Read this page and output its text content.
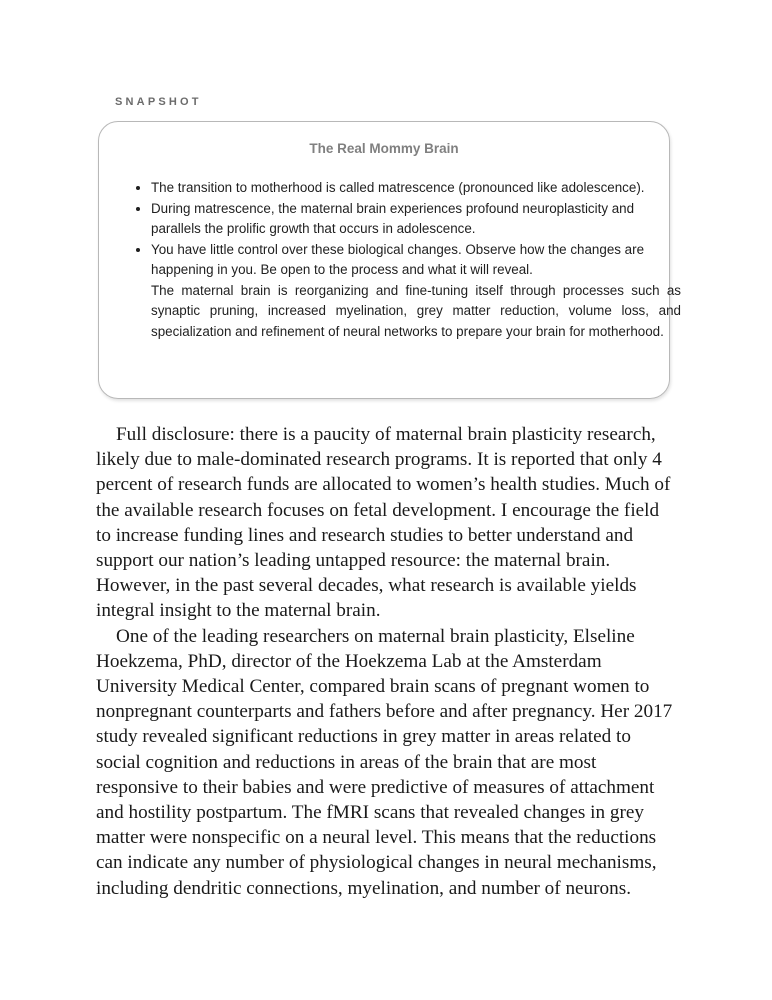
SNAPSHOT
The Real Mommy Brain
• The transition to motherhood is called matrescence (pronounced like adolescence).
• During matrescence, the maternal brain experiences profound neuroplasticity and parallels the prolific growth that occurs in adolescence.
• You have little control over these biological changes. Observe how the changes are happening in you. Be open to the process and what it will reveal.
The maternal brain is reorganizing and fine-tuning itself through processes such as synaptic pruning, increased myelination, grey matter reduction, volume loss, and specialization and refinement of neural networks to prepare your brain for motherhood.

Full disclosure: there is a paucity of maternal brain plasticity research, likely due to male-dominated research programs. It is reported that only 4 percent of research funds are allocated to women’s health studies. Much of the available research focuses on fetal development. I encourage the field to increase funding lines and research studies to better understand and support our nation’s leading untapped resource: the maternal brain. However, in the past several decades, what research is available yields integral insight to the maternal brain.

One of the leading researchers on maternal brain plasticity, Elseline Hoekzema, PhD, director of the Hoekzema Lab at the Amsterdam University Medical Center, compared brain scans of pregnant women to nonpregnant counterparts and fathers before and after pregnancy. Her 2017 study revealed significant reductions in grey matter in areas related to social cognition and reductions in areas of the brain that are most responsive to their babies and were predictive of measures of attachment and hostility postpartum. The fMRI scans that revealed changes in grey matter were nonspecific on a neural level. This means that the reductions can indicate any number of physiological changes in neural mechanisms, including dendritic connections, myelination, and number of neurons.
